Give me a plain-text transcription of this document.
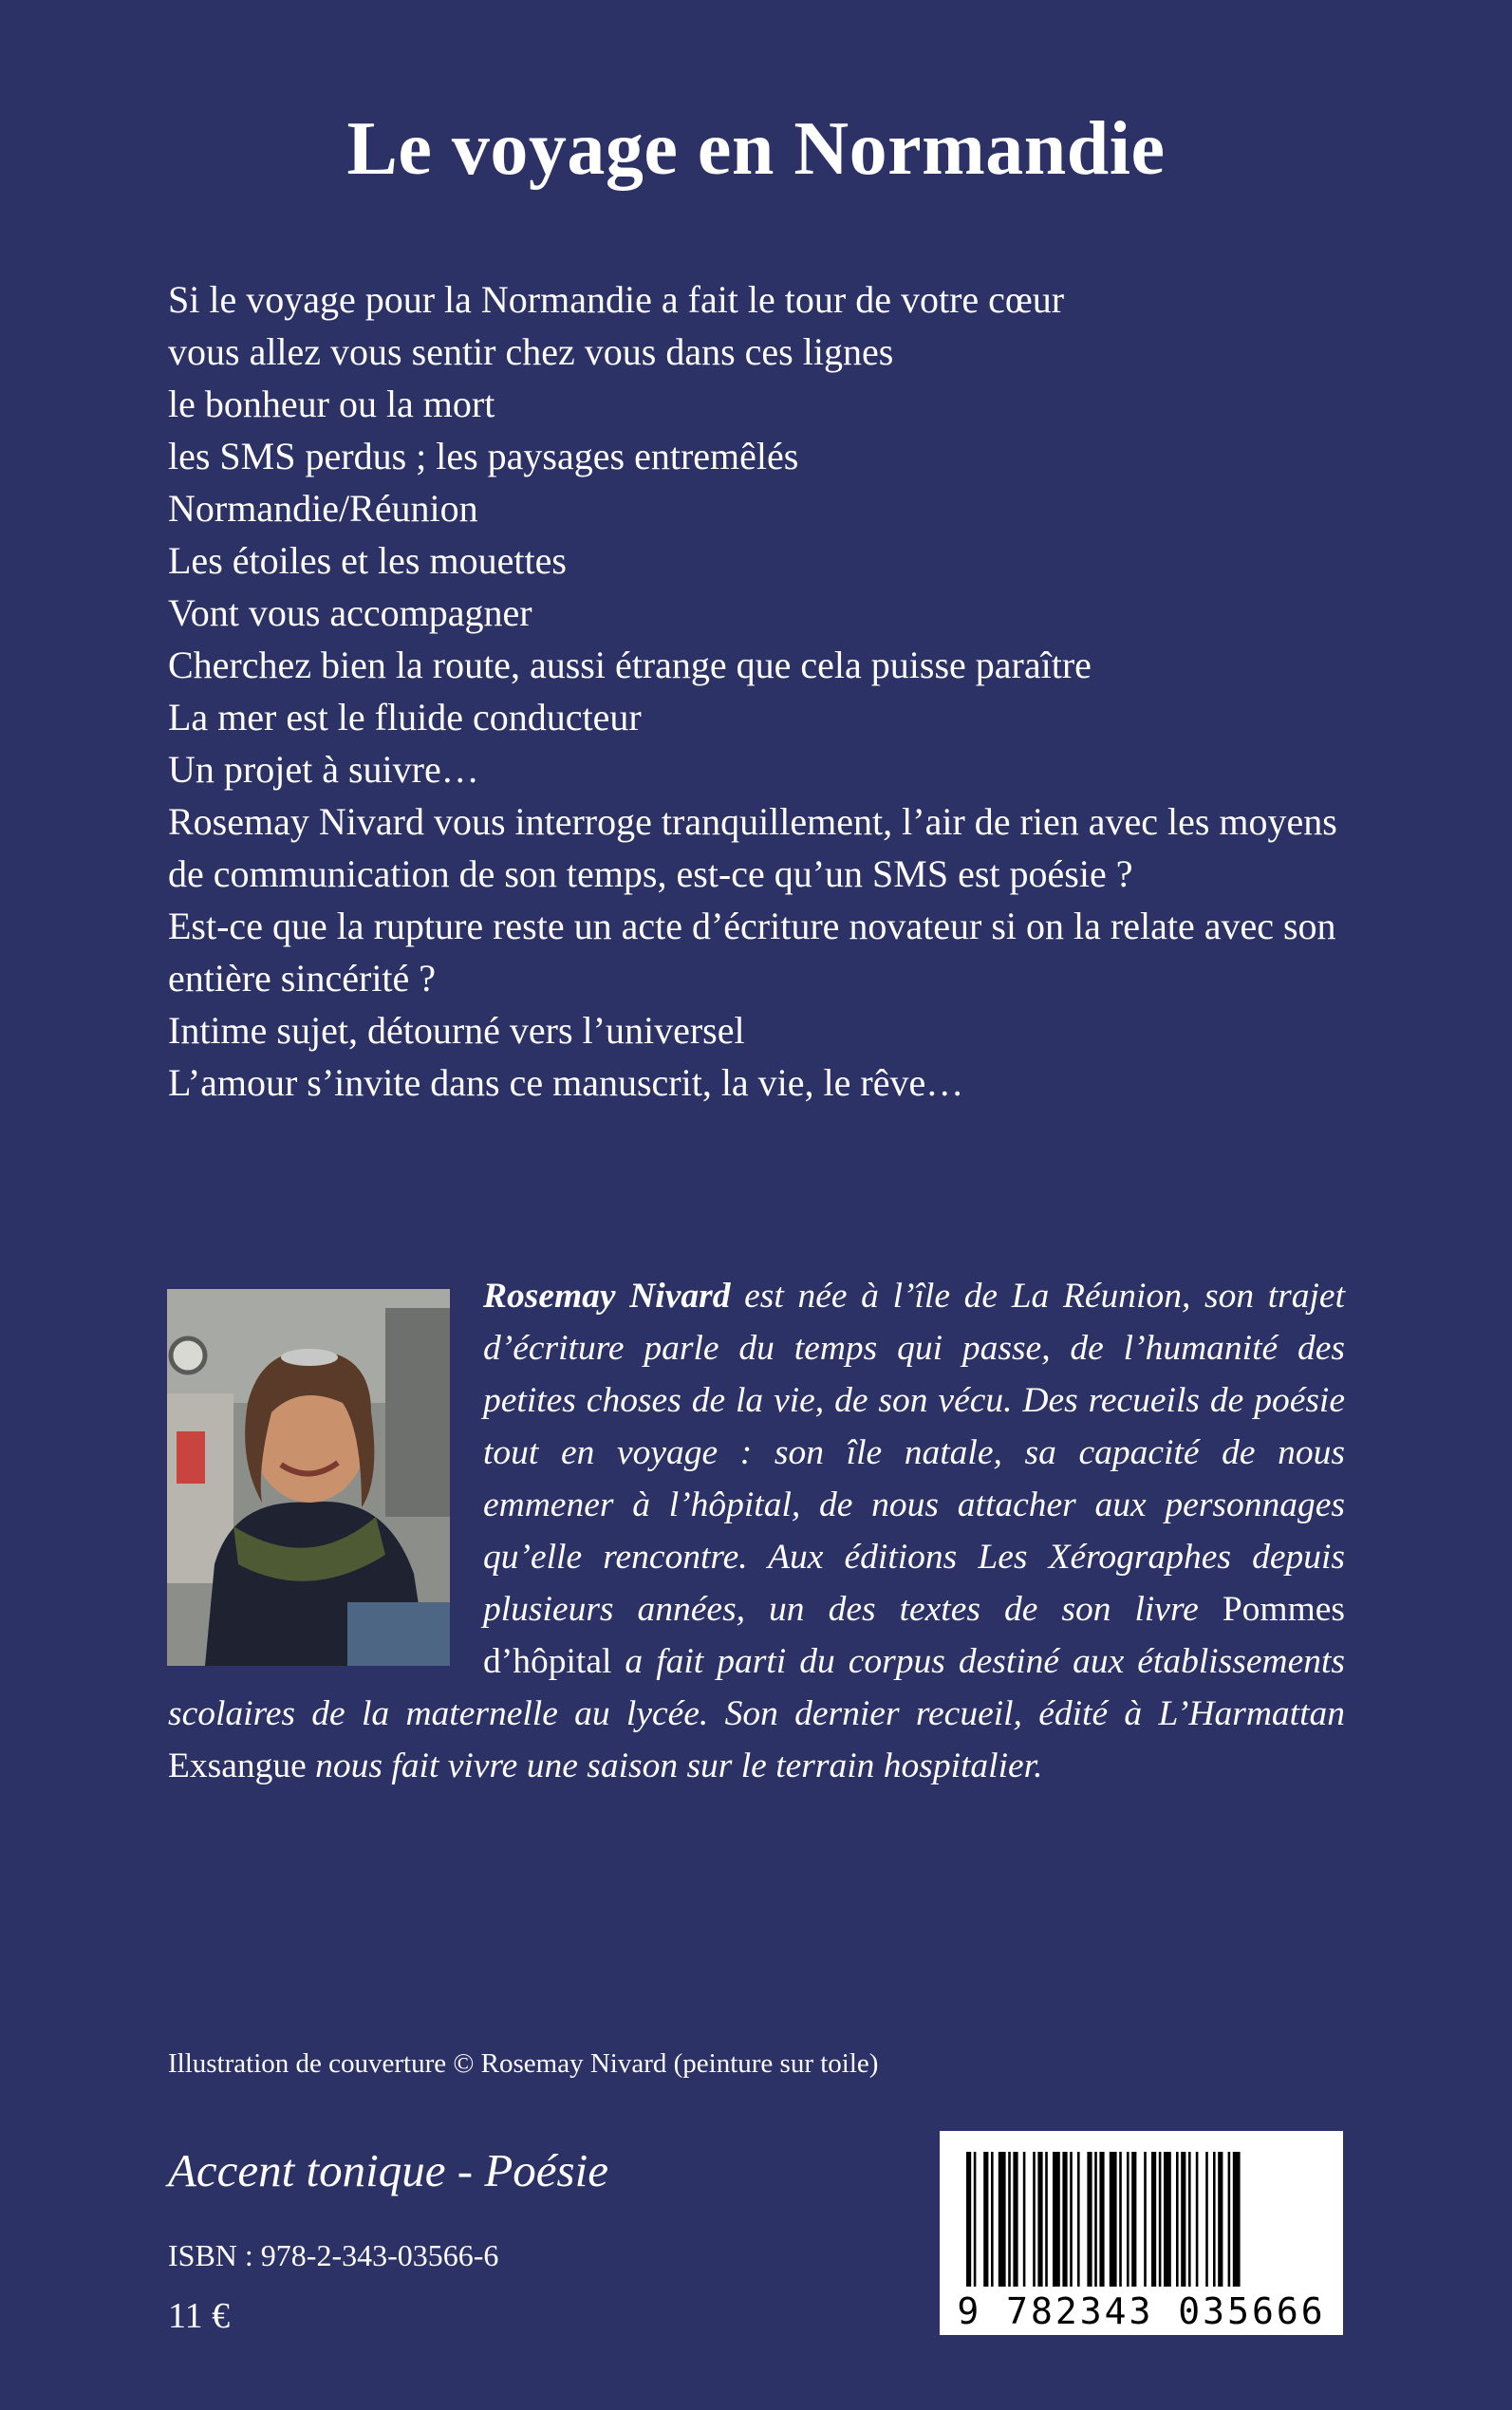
Le voyage en Normandie
Si le voyage pour la Normandie a fait le tour de votre cœur
vous allez vous sentir chez vous dans ces lignes
le bonheur ou la mort
les SMS perdus ; les paysages entremêlés
Normandie/Réunion
Les étoiles et les mouettes
Vont vous accompagner
Cherchez bien la route, aussi étrange que cela puisse paraître
La mer est le fluide conducteur
Un projet à suivre…
Rosemay Nivard vous interroge tranquillement, l’air de rien avec les moyens
de communication de son temps, est-ce qu’un SMS est poésie ?
Est-ce que la rupture reste un acte d’écriture novateur si on la relate avec son
entière sincérité ?
Intime sujet, détourné vers l’universel
L’amour s’invite dans ce manuscrit, la vie, le rêve…
Rosemay Nivard est née à l’île de La Réunion, son trajet d’écriture parle du temps qui passe, de l’humanité des petites choses de la vie, de son vécu. Des recueils de poésie tout en voyage : son île natale, sa capacité de nous emmener à l’hôpital, de nous attacher aux personnages qu’elle rencontre. Aux éditions Les Xérographes depuis plusieurs années, un des textes de son livre Pommes d’hôpital a fait parti du corpus destiné aux établissements scolaires de la maternelle au lycée. Son dernier recueil, édité à L’Harmattan Exsangue nous fait vivre une saison sur le terrain hospitalier.
Illustration de couverture © Rosemay Nivard (peinture sur toile)
Accent tonique - Poésie
ISBN : 978-2-343-03566-6
11 €	9 782343 035666
